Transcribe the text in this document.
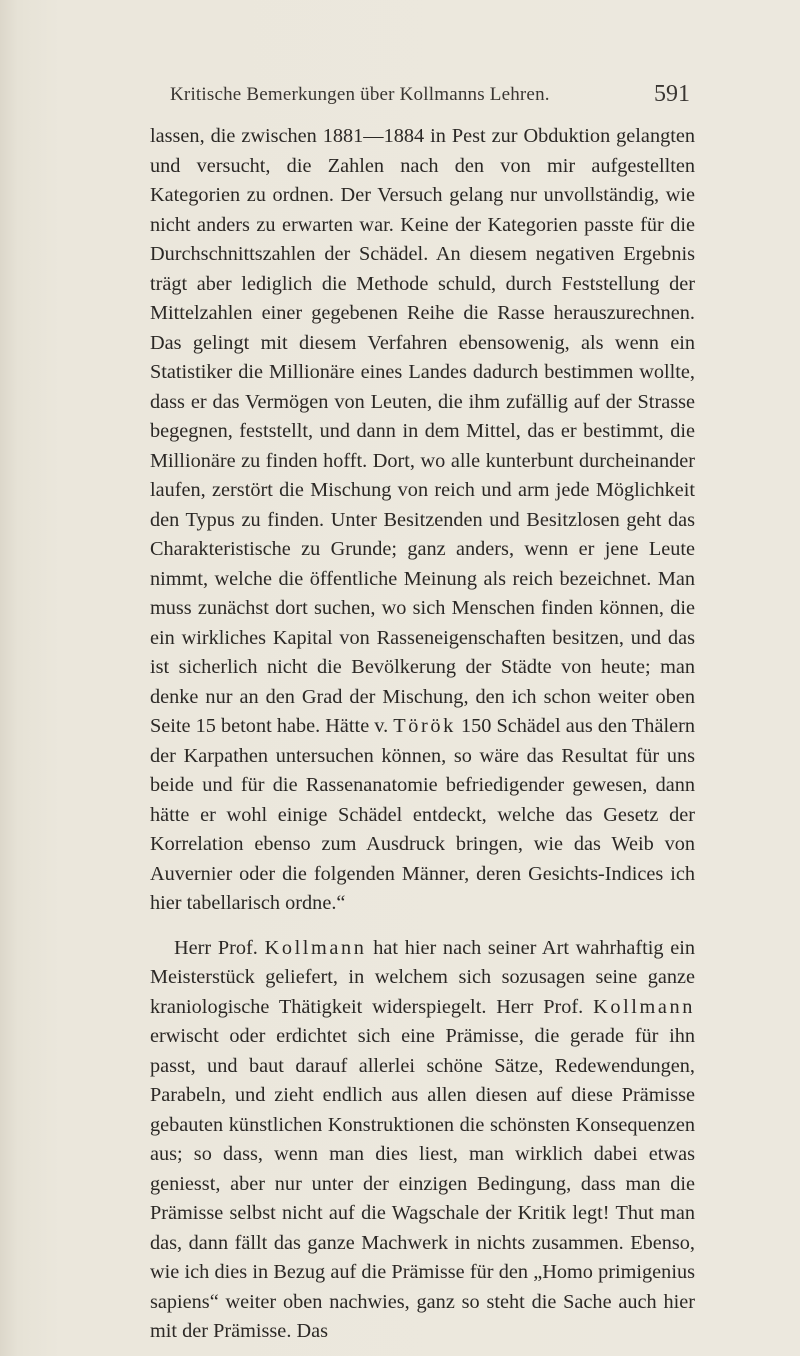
Kritische Bemerkungen über Kollmanns Lehren.	591

lassen, die zwischen 1881—1884 in Pest zur Obduktion gelangten und versucht, die Zahlen nach den von mir aufgestellten Kategorien zu ordnen. Der Versuch gelang nur unvollständig, wie nicht anders zu erwarten war. Keine der Kategorien passte für die Durchschnittszahlen der Schädel. An diesem negativen Ergebnis trägt aber lediglich die Methode schuld, durch Feststellung der Mittelzahlen einer gegebenen Reihe die Rasse herauszurechnen. Das gelingt mit diesem Verfahren ebensowenig, als wenn ein Statistiker die Millionäre eines Landes dadurch bestimmen wollte, dass er das Vermögen von Leuten, die ihm zufällig auf der Strasse begegnen, feststellt, und dann in dem Mittel, das er bestimmt, die Millionäre zu finden hofft. Dort, wo alle kunterbunt durcheinander laufen, zerstört die Mischung von reich und arm jede Möglichkeit den Typus zu finden. Unter Besitzenden und Besitzlosen geht das Charakteristische zu Grunde; ganz anders, wenn er jene Leute nimmt, welche die öffentliche Meinung als reich bezeichnet. Man muss zunächst dort suchen, wo sich Menschen finden können, die ein wirkliches Kapital von Rasseneigenschaften besitzen, und das ist sicherlich nicht die Bevölkerung der Städte von heute; man denke nur an den Grad der Mischung, den ich schon weiter oben Seite 15 betont habe. Hätte v. Török 150 Schädel aus den Thälern der Karpathen untersuchen können, so wäre das Resultat für uns beide und für die Rassenanatomie befriedigender gewesen, dann hätte er wohl einige Schädel entdeckt, welche das Gesetz der Korrelation ebenso zum Ausdruck bringen, wie das Weib von Auvernier oder die folgenden Männer, deren Gesichts-Indices ich hier tabellarisch ordne.“

Herr Prof. Kollmann hat hier nach seiner Art wahrhaftig ein Meisterstück geliefert, in welchem sich sozusagen seine ganze kraniologische Thätigkeit widerspiegelt. Herr Prof. Kollmann erwischt oder erdichtet sich eine Prämisse, die gerade für ihn passt, und baut darauf allerlei schöne Sätze, Redewendungen, Parabeln, und zieht endlich aus allen diesen auf diese Prämisse gebauten künstlichen Konstruktionen die schönsten Konsequenzen aus; so dass, wenn man dies liest, man wirklich dabei etwas geniesst, aber nur unter der einzigen Bedingung, dass man die Prämisse selbst nicht auf die Wagschale der Kritik legt! Thut man das, dann fällt das ganze Machwerk in nichts zusammen. Ebenso, wie ich dies in Bezug auf die Prämisse für den „Homo primigenius sapiens“ weiter oben nachwies, ganz so steht die Sache auch hier mit der Prämisse. Das
